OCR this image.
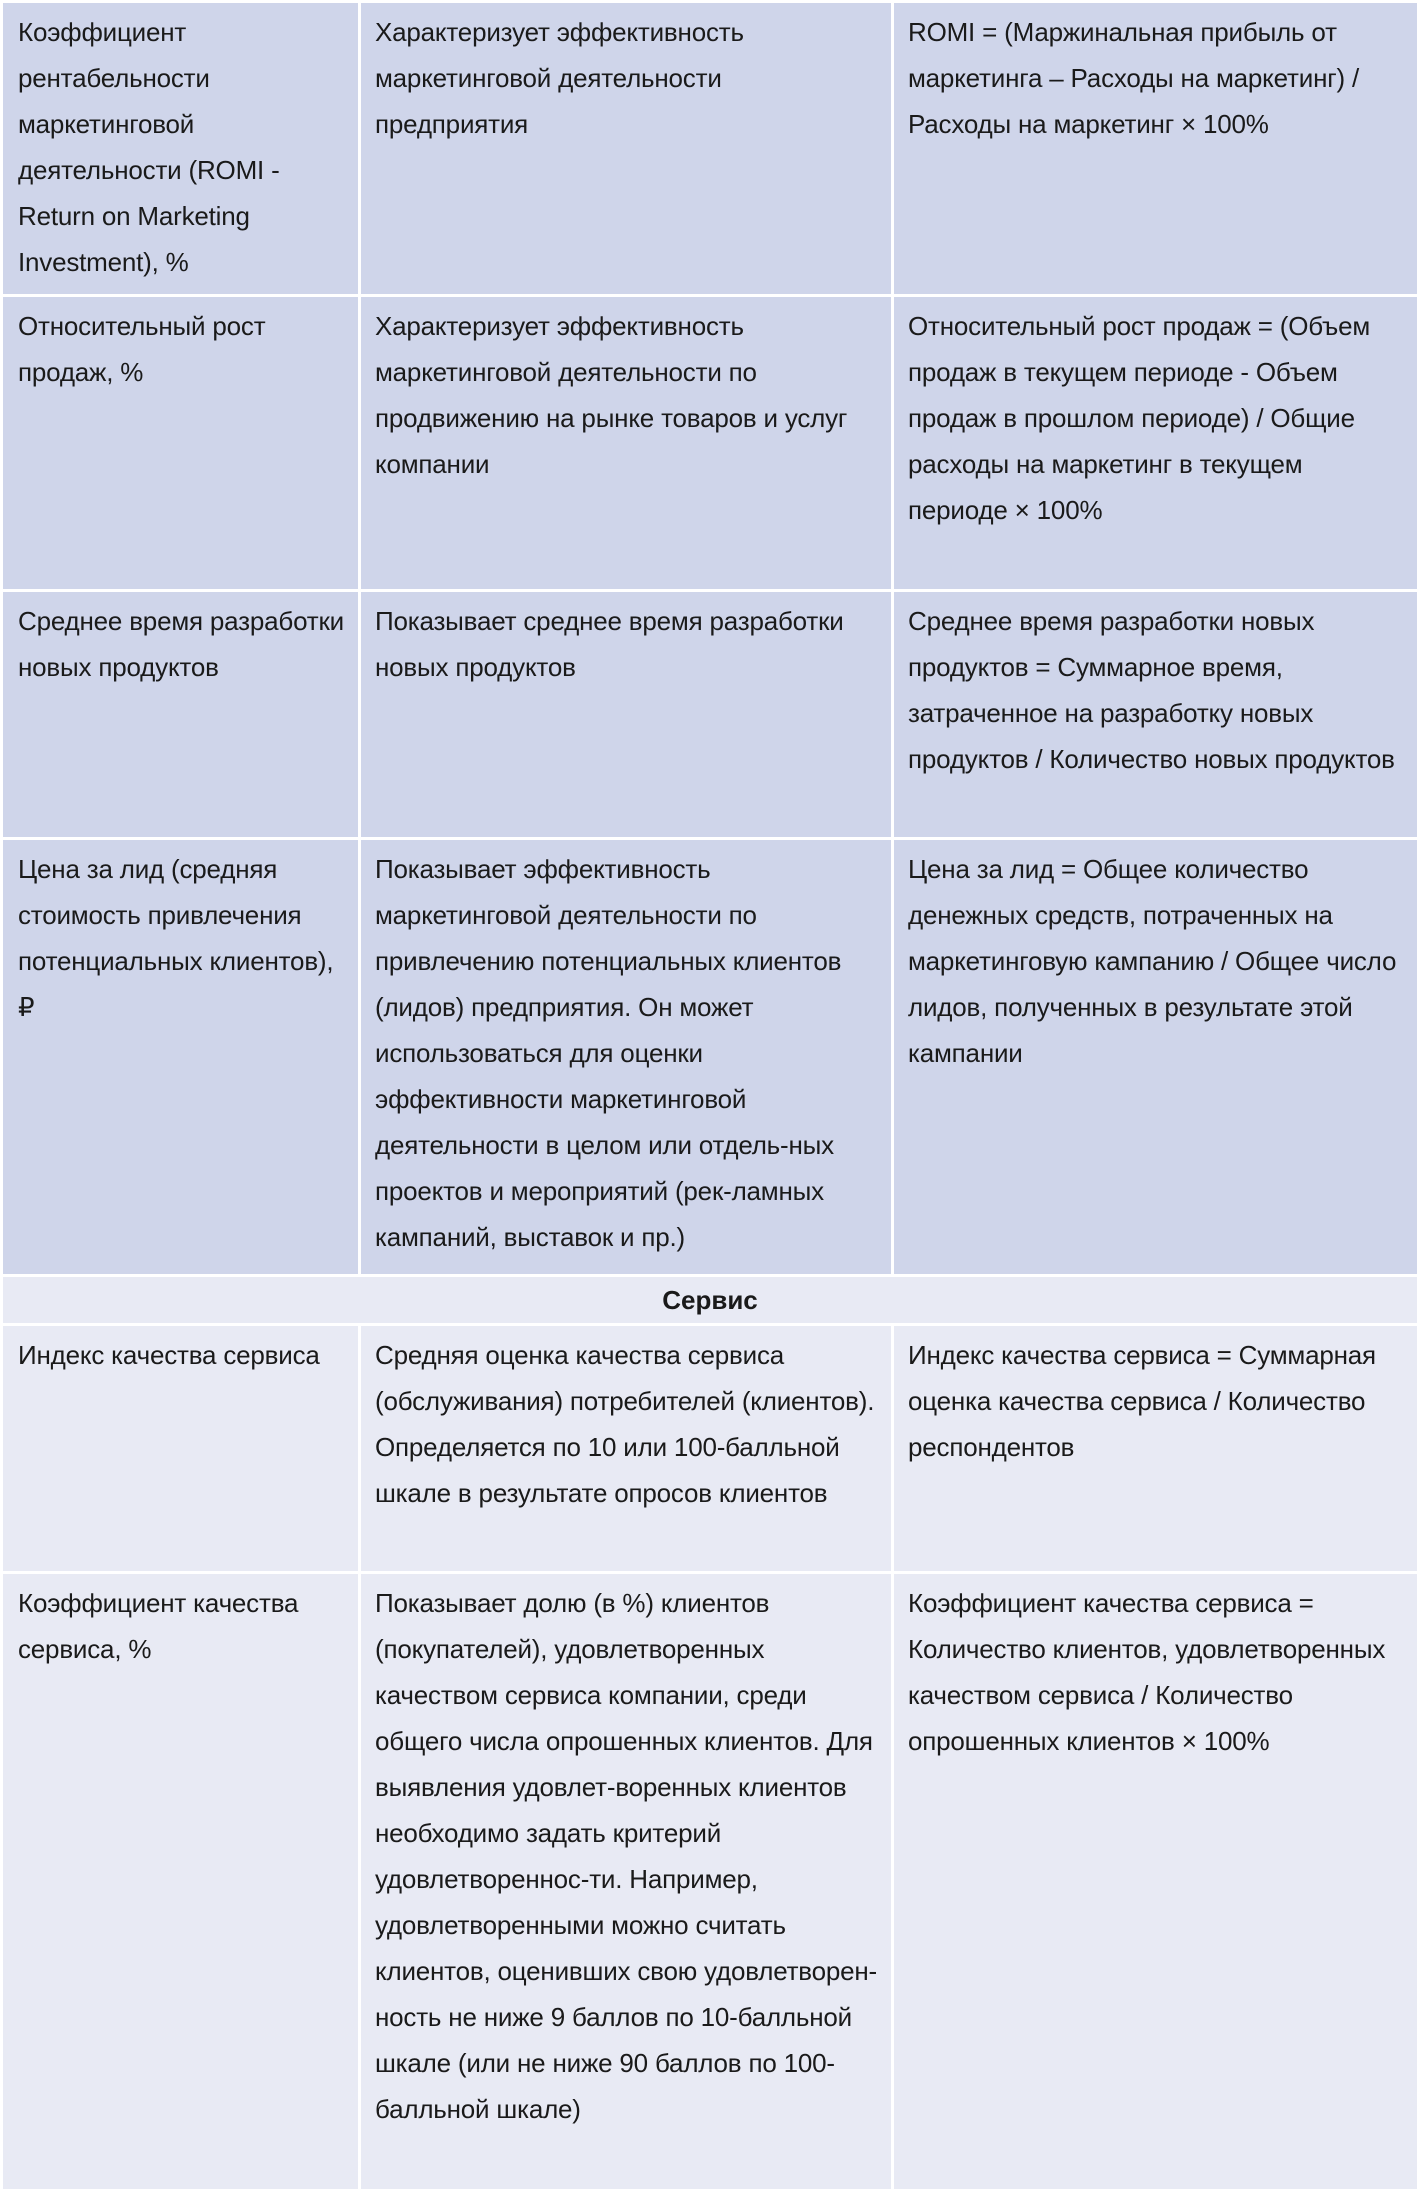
Коэффициент рентабельности маркетинговой деятельности (ROMI - Return on Marketing Investment), %
Характеризует эффективность маркетинговой деятельности предприятия
ROMI = (Маржинальная прибыль от маркетинга – Расходы на маркетинг) / Расходы на маркетинг × 100%
Относительный рост продаж, %
Характеризует эффективность маркетинговой деятельности по продвижению на рынке товаров и услуг компании
Относительный рост продаж = (Объем продаж в текущем периоде - Объем продаж в прошлом периоде) / Общие расходы на маркетинг в текущем периоде × 100%
Среднее время разработки новых продуктов
Показывает среднее время разработки новых продуктов
Среднее время разработки новых продуктов = Суммарное время, затраченное на разработку новых продуктов / Количество новых продуктов
Цена за лид (средняя стоимость привлечения потенциальных клиентов), ₽
Показывает эффективность маркетинговой деятельности по привлечению потенциальных клиентов (лидов) предприятия. Он может использоваться для оценки эффективности маркетинговой деятельности в целом или отдель-ных проектов и мероприятий (рек-ламных кампаний, выставок и пр.)
Цена за лид = Общее количество денежных средств, потраченных на маркетинговую кампанию / Общее число лидов, полученных в результате этой кампании
Сервис
Индекс качества сервиса	Средняя оценка качества сервиса (обслуживания) потребителей (клиентов). Определяется по 10 или 100-балльной шкале в результате опросов клиентов
Индекс качества сервиса = Суммарная оценка качества сервиса / Количество респондентов
Коэффициент качества сервиса, %
Показывает долю (в %) клиентов (покупателей), удовлетворенных качеством сервиса компании, среди общего числа опрошенных клиентов. Для выявления удовлет-воренных клиентов необходимо задать критерий удовлетвореннос-ти. Например, удовлетворенными можно считать клиентов, оценивших свою удовлетворен-ность не ниже 9 баллов по 10-балльной шкале (или не ниже 90 баллов по 100-балльной шкале)
Коэффициент качества сервиса = Количество клиентов, удовлетворенных качеством сервиса / Количество опрошенных клиентов × 100%
